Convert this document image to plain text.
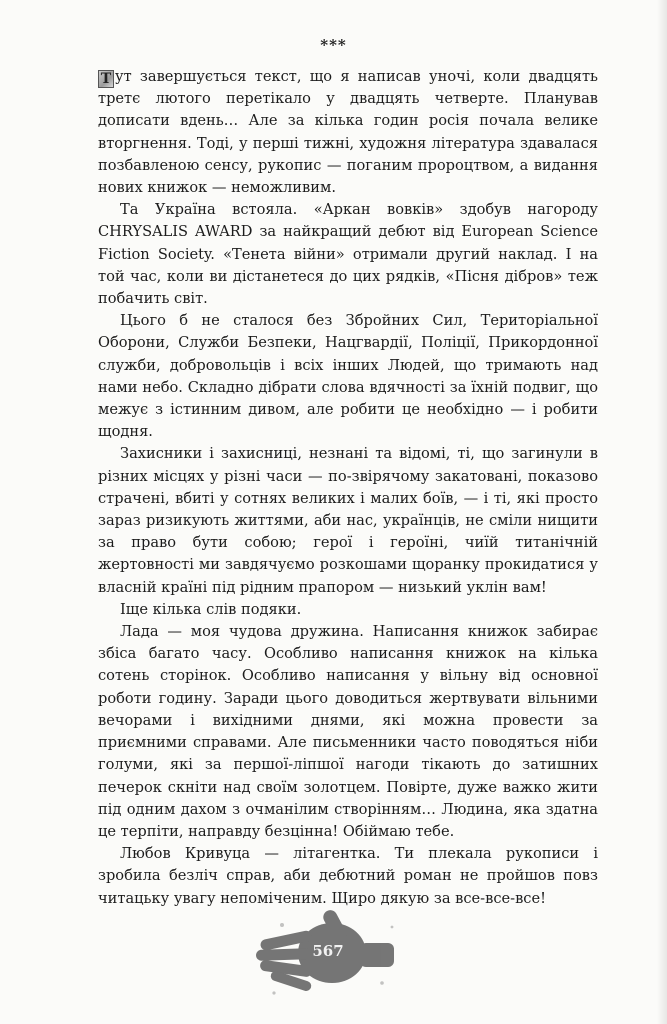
***

Т ут завершується текст, що я написав уночі, коли двадцять третє лютого перетікало у двадцять четверте. Планував дописати вдень… Але за кілька годин росія почала велике вторгнення. Тоді, у перші тижні, художня література здавалася позбавленою сенсу, рукопис — поганим пророцтвом, а видання нових книжок — неможливим.

Та Україна встояла. «Аркан вовків» здобув нагороду CHRYSALIS AWARD за найкращий дебют від European Science Fiction Society. «Тенета війни» отримали другий наклад. І на той час, коли ви дістанетеся до цих рядків, «Пісня дібров» теж побачить світ.

Цього б не сталося без Збройних Сил, Територіальної Оборони, Служби Безпеки, Нацгвардії, Поліції, Прикордонної служби, добровольців і всіх інших Людей, що тримають над нами небо. Складно дібрати слова вдячності за їхній подвиг, що межує з істинним дивом, але робити це необхідно — і робити щодня.

Захисники і захисниці, незнані та відомі, ті, що загинули в різних місцях у різні часи — по-звірячому закатовані, показово страчені, вбиті у сотнях великих і малих боїв, — і ті, які просто зараз ризикують життями, аби нас, українців, не сміли нищити за право бути собою; герої і героїні, чиїй титанічній жертовності ми завдячуємо розкошами щоранку прокидатися у власній країні під рідним прапором — низький уклін вам!

Іще кілька слів подяки.

Лада — моя чудова дружина. Написання книжок забирає збіса багато часу. Особливо написання книжок на кілька сотень сторінок. Особливо написання у вільну від основної роботи годину. Заради цього доводиться жертвувати вільними вечорами і вихідними днями, які можна провести за приємними справами. Але письменники часто поводяться ніби голуми, які за першої-ліпшої нагоди тікають до затишних печерок скніти над своїм золотцем. Повірте, дуже важко жити під одним дахом з очманілим створінням… Людина, яка здатна це терпіти, направду безцінна! Обіймаю тебе.

Любов Кривуца — літагентка. Ти плекала рукописи і зробила безліч справ, аби дебютний роман не пройшов повз читацьку увагу непоміченим. Щиро дякую за все-все-все!

567
